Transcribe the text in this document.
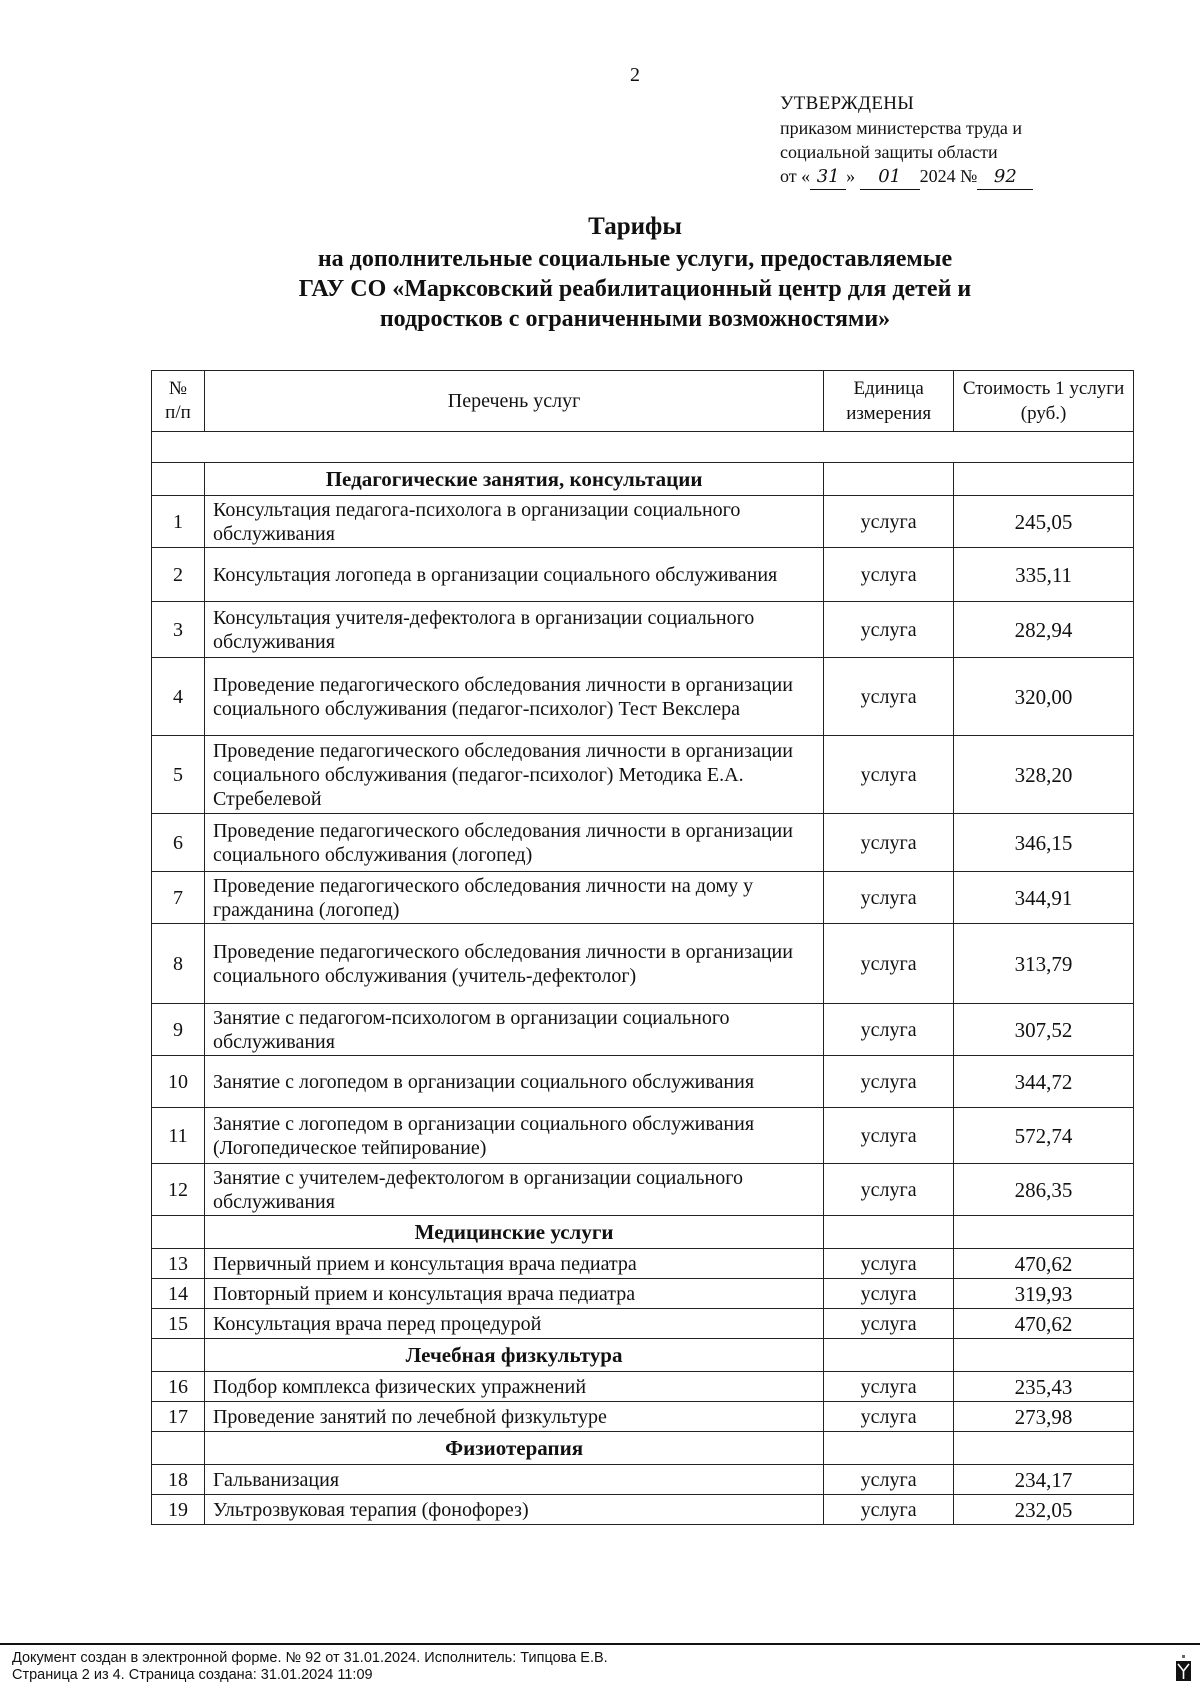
2
УТВЕРЖДЕНЫ
приказом министерства труда и
социальной защиты области
от « 31 » 01 2024 № 92
Тарифы
на дополнительные социальные услуги, предоставляемые
ГАУ СО «Марксовский реабилитационный центр для детей и
подростков с ограниченными возможностями»
№ п/п	Перечень услуг	Единица измерения	Стоимость 1 услуги (руб.)

	Педагогические занятия, консультации		
1	Консультация педагога-психолога в организации социального обслуживания	услуга	245,05
2	Консультация логопеда в организации социального обслуживания	услуга	335,11
3	Консультация учителя-дефектолога в организации социального обслуживания	услуга	282,94
4	Проведение педагогического обследования личности в организации социального обслуживания (педагог-психолог) Тест Векслера	услуга	320,00
5	Проведение педагогического обследования личности в организации социального обслуживания (педагог-психолог) Методика Е.А. Стребелевой	услуга	328,20
6	Проведение педагогического обследования личности в организации социального обслуживания (логопед)	услуга	346,15
7	Проведение педагогического обследования личности на дому у гражданина (логопед)	услуга	344,91
8	Проведение педагогического обследования личности в организации социального обслуживания (учитель-дефектолог)	услуга	313,79
9	Занятие с педагогом-психологом в организации социального обслуживания	услуга	307,52
10	Занятие с логопедом в организации социального обслуживания	услуга	344,72
11	Занятие с логопедом в организации социального обслуживания (Логопедическое тейпирование)	услуга	572,74
12	Занятие с учителем-дефектологом в организации социального обслуживания	услуга	286,35
	Медицинские услуги		
13	Первичный прием и консультация врача педиатра	услуга	470,62
14	Повторный прием и консультация врача педиатра	услуга	319,93
15	Консультация врача перед процедурой	услуга	470,62
	Лечебная физкультура		
16	Подбор комплекса физических упражнений	услуга	235,43
17	Проведение занятий по лечебной физкультуре	услуга	273,98
	Физиотерапия		
18	Гальванизация	услуга	234,17
19	Ультрозвуковая терапия (фонофорез)	услуга	232,05
Документ создан в электронной форме. № 92 от 31.01.2024. Исполнитель: Типцова Е.В.
Страница 2 из 4. Страница создана: 31.01.2024 11:09
